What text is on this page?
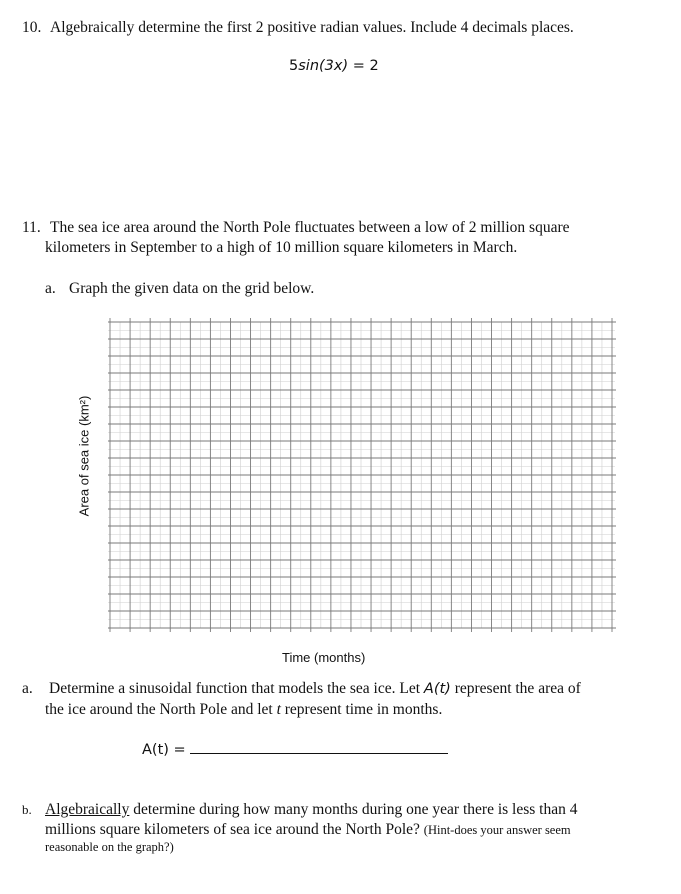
10. Algebraically determine the first 2 positive radian values. Include 4 decimals places.
5sin(3x) = 2
11. The sea ice area around the North Pole fluctuates between a low of 2 million square
kilometers in September to a high of 10 million square kilometers in March.
a. Graph the given data on the grid below.
Area of sea ice (km²)
Time (months)
a. Determine a sinusoidal function that models the sea ice. Let A(t) represent the area of
the ice around the North Pole and let t represent time in months.
A(t) =
b. Algebraically determine during how many months during one year there is less than 4
millions square kilometers of sea ice around the North Pole? (Hint-does your answer seem
reasonable on the graph?)
